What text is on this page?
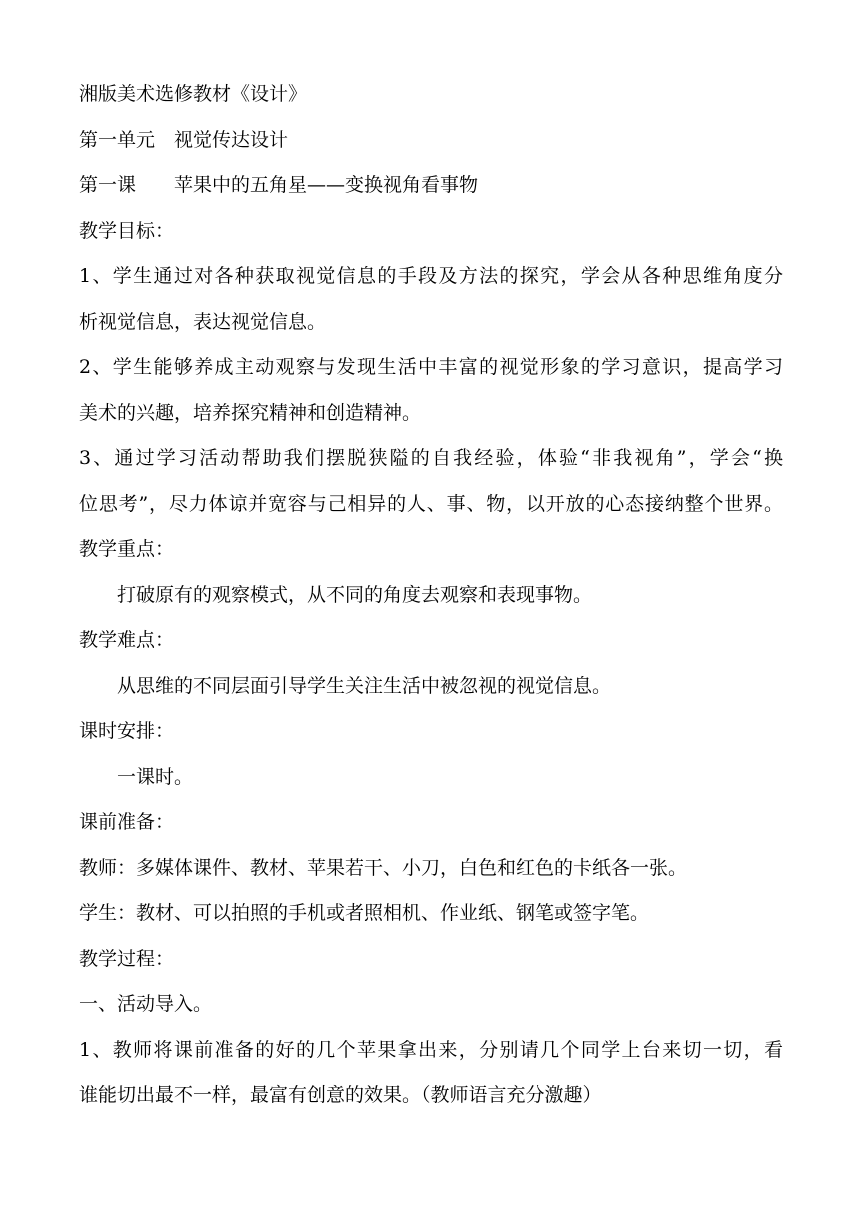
湘版美术选修教材《设计》

第一单元　视觉传达设计

第一课　　苹果中的五角星——变换视角看事物

教学目标：

1、学生通过对各种获取视觉信息的手段及方法的探究，学会从各种思维角度分

析视觉信息，表达视觉信息。

2、学生能够养成主动观察与发现生活中丰富的视觉形象的学习意识，提高学习

美术的兴趣，培养探究精神和创造精神。

3、通过学习活动帮助我们摆脱狭隘的自我经验，体验“非我视角”，学会“换

位思考”，尽力体谅并宽容与己相异的人、事、物，以开放的心态接纳整个世界。

教学重点：

打破原有的观察模式，从不同的角度去观察和表现事物。

教学难点：

从思维的不同层面引导学生关注生活中被忽视的视觉信息。

课时安排：

一课时。

课前准备：

教师：多媒体课件、教材、苹果若干、小刀，白色和红色的卡纸各一张。

学生：教材、可以拍照的手机或者照相机、作业纸、钢笔或签字笔。

教学过程：

一、活动导入。

1、教师将课前准备的好的几个苹果拿出来，分别请几个同学上台来切一切，看

谁能切出最不一样，最富有创意的效果。（教师语言充分激趣）
